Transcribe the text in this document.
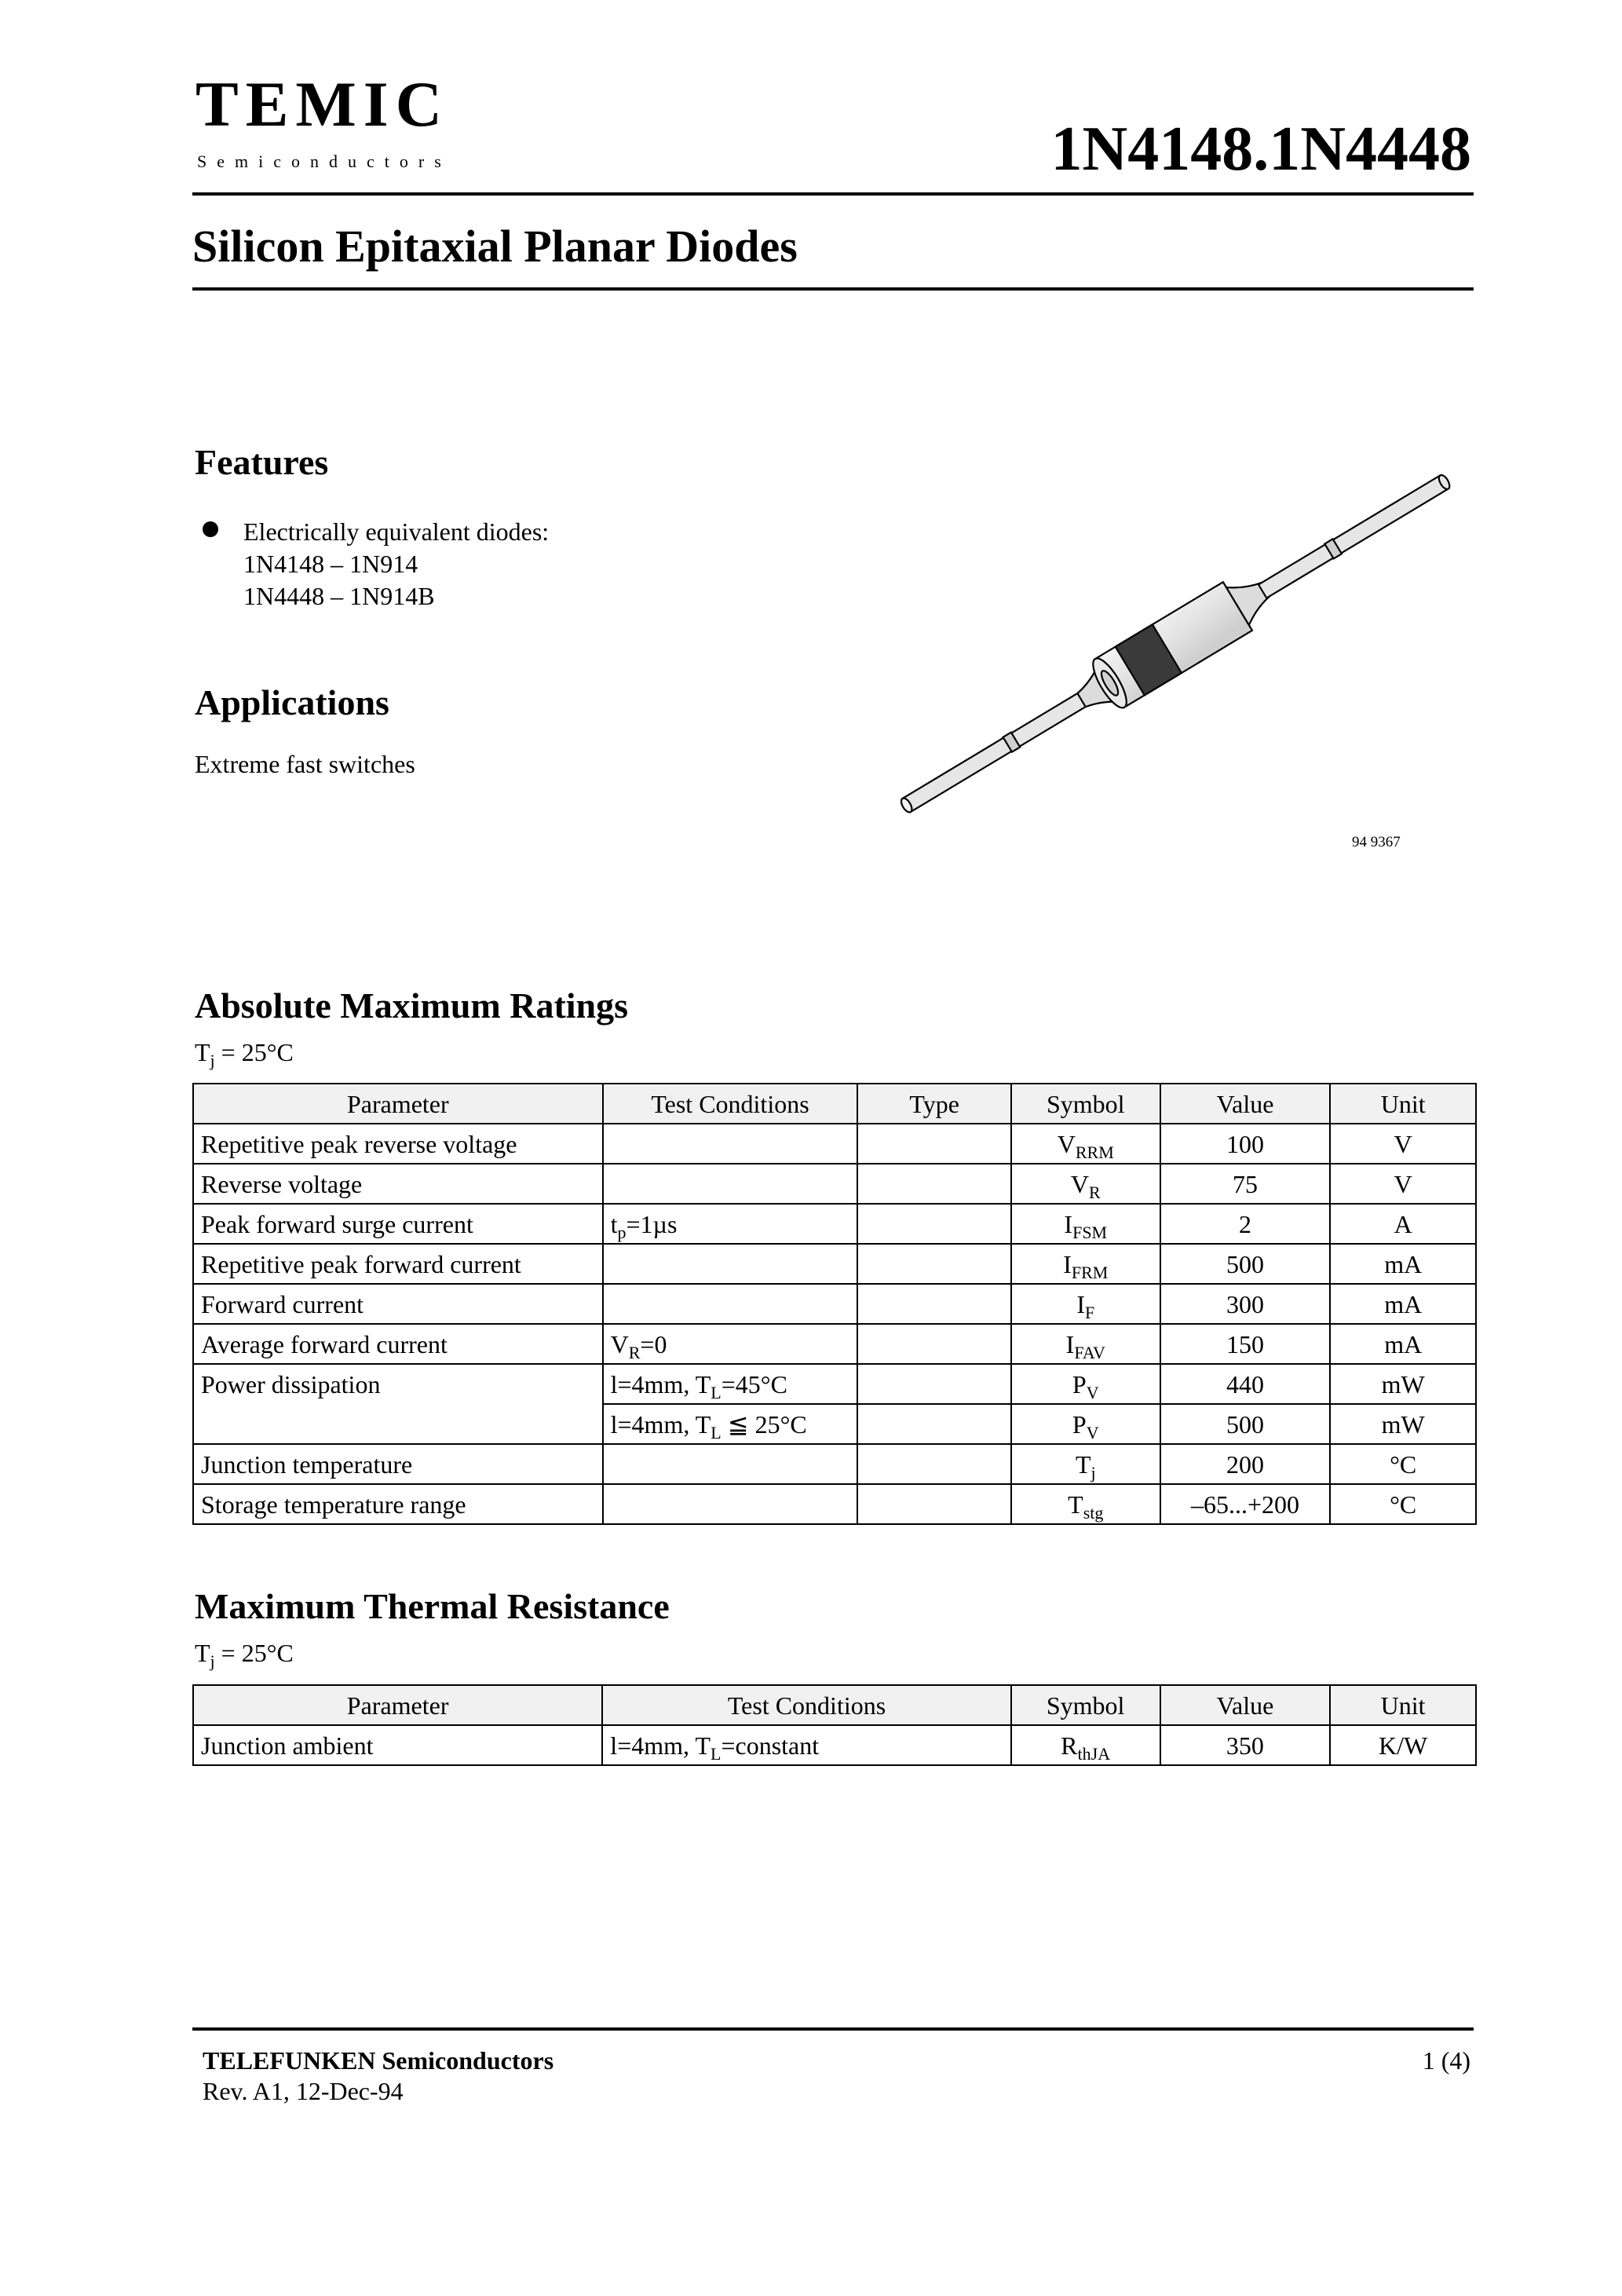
TEMIC
Semiconductors	1N4148.1N4448
Silicon Epitaxial Planar Diodes
Features
Electrically equivalent diodes:
1N4148 – 1N914
1N4448 – 1N914B
Applications
Extreme fast switches
94 9367
Absolute Maximum Ratings
$T_j = 25^\circ C$
Parameter	Test Conditions	Type	Symbol	Value	Unit
Repetitive peak reverse voltage			$V_{RRM}$	100	V
Reverse voltage			$V_R$	75	V
Peak forward surge current	$t_p=1\mu s$		$I_{FSM}$	2	A
Repetitive peak forward current			$I_{FRM}$	500	mA
Forward current			$I_F$	300	mA
Average forward current	$V_R=0$		$I_{FAV}$	150	mA
Power dissipation	l=4mm, $T_L=45^\circ C$		$P_V$	440	mW
	l=4mm, $T_L$ ≦ 25°C		$P_V$	500	mW
Junction temperature			$T_j$	200	°C
Storage temperature range			$T_{stg}$	–65...+200	°C
Maximum Thermal Resistance
$T_j = 25^\circ C$
Parameter	Test Conditions	Symbol	Value	Unit
Junction ambient	l=4mm, $T_L=constant$	$R_{thJA}$	350	K/W
TELEFUNKEN Semiconductors
Rev. A1, 12-Dec-94
1 (4)
